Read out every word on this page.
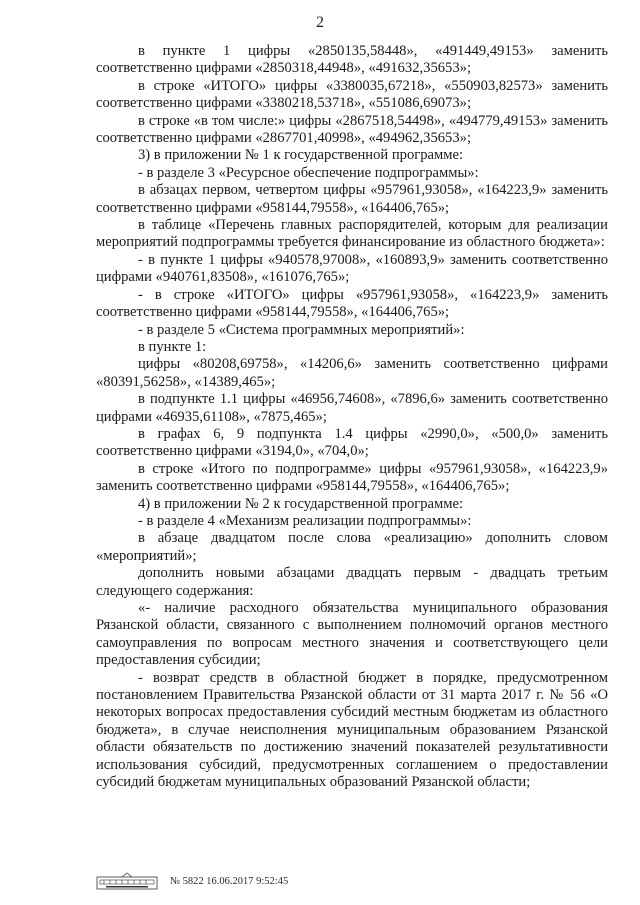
2

в пункте 1 цифры «2850135,58448», «491449,49153» заменить соответственно цифрами «2850318,44948», «491632,35653»;

в строке «ИТОГО» цифры «3380035,67218», «550903,82573» заменить соответственно цифрами «3380218,53718», «551086,69073»;

в строке «в том числе:» цифры «2867518,54498», «494779,49153» заменить соответственно цифрами «2867701,40998», «494962,35653»;

3) в приложении № 1 к государственной программе:

- в разделе 3 «Ресурсное обеспечение подпрограммы»:

в абзацах первом, четвертом цифры «957961,93058», «164223,9» заменить соответственно цифрами «958144,79558», «164406,765»;

в таблице «Перечень главных распорядителей, которым для реализации мероприятий подпрограммы требуется финансирование из областного бюджета»:

- в пункте 1 цифры «940578,97008», «160893,9» заменить соответственно цифрами «940761,83508», «161076,765»;

- в строке «ИТОГО» цифры «957961,93058», «164223,9» заменить соответственно цифрами «958144,79558», «164406,765»;

- в разделе 5 «Система программных мероприятий»:

в пункте 1:

цифры «80208,69758», «14206,6» заменить соответственно цифрами «80391,56258», «14389,465»;

в подпункте 1.1 цифры «46956,74608», «7896,6» заменить соответственно цифрами «46935,61108», «7875,465»;

в графах 6, 9 подпункта 1.4 цифры «2990,0», «500,0» заменить соответственно цифрами «3194,0», «704,0»;

в строке «Итого по подпрограмме» цифры «957961,93058», «164223,9» заменить соответственно цифрами «958144,79558», «164406,765»;

4) в приложении № 2 к государственной программе:

- в разделе 4 «Механизм реализации подпрограммы»:

в абзаце двадцатом после слова «реализацию» дополнить словом «мероприятий»;

дополнить новыми абзацами двадцать первым - двадцать третьим следующего содержания:

«- наличие расходного обязательства муниципального образования Рязанской области, связанного с выполнением полномочий органов местного самоуправления по вопросам местного значения и соответствующего цели предоставления субсидии;

- возврат средств в областной бюджет в порядке, предусмотренном постановлением Правительства Рязанской области от 31 марта 2017 г. № 56 «О некоторых вопросах предоставления субсидий местным бюджетам из областного бюджета», в случае неисполнения муниципальным образованием Рязанской области обязательств по достижению значений показателей результативности использования субсидий, предусмотренных соглашением о предоставлении субсидий бюджетам муниципальных образований Рязанской области;

№ 5822 16.06.2017 9:52:45
